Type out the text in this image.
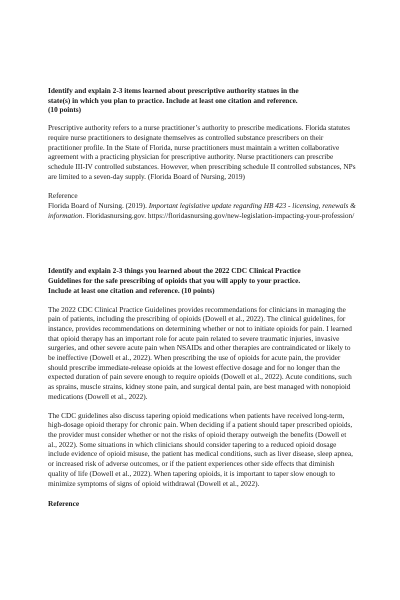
Identify and explain 2-3 items learned about prescriptive authority statues in the
state(s) in which you plan to practice. Include at least one citation and reference.
(10 points)

Prescriptive authority refers to a nurse practitioner’s authority to prescribe medications. Florida statutes require nurse practitioners to designate themselves as controlled substance prescribers on their practitioner profile. In the State of Florida, nurse practitioners must maintain a written collaborative agreement with a practicing physician for prescriptive authority. Nurse practitioners can prescribe schedule III-IV controlled substances. However, when prescribing schedule II controlled substances, NPs are limited to a seven-day supply. (Florida Board of Nursing, 2019)

Reference

Florida Board of Nursing. (2019). Important legislative update regarding HB 423 - licensing, renewals & information. Floridasnursing.gov. https://floridasnursing.gov/new-legislation-impacting-your-profession/

Identify and explain 2-3 things you learned about the 2022 CDC Clinical Practice
Guidelines for the safe prescribing of opioids that you will apply to your practice.
Include at least one citation and reference. (10 points)

The 2022 CDC Clinical Practice Guidelines provides recommendations for clinicians in managing the pain of patients, including the prescribing of opioids (Dowell et al., 2022). The clinical guidelines, for instance, provides recommendations on determining whether or not to initiate opioids for pain. I learned that opioid therapy has an important role for acute pain related to severe traumatic injuries, invasive surgeries, and other severe acute pain when NSAIDs and other therapies are contraindicated or likely to be ineffective (Dowell et al., 2022). When prescribing the use of opioids for acute pain, the provider should prescribe immediate-release opioids at the lowest effective dosage and for no longer than the expected duration of pain severe enough to require opioids (Dowell et al., 2022). Acute conditions, such as sprains, muscle strains, kidney stone pain, and surgical dental pain, are best managed with nonopioid medications (Dowell et al., 2022).

The CDC guidelines also discuss tapering opioid medications when patients have received long-term, high-dosage opioid therapy for chronic pain. When deciding if a patient should taper prescribed opioids, the provider must consider whether or not the risks of opioid therapy outweigh the benefits (Dowell et al., 2022). Some situations in which clinicians should consider tapering to a reduced opioid dosage include evidence of opioid misuse, the patient has medical conditions, such as liver disease, sleep apnea, or increased risk of adverse outcomes, or if the patient experiences other side effects that diminish quality of life (Dowell et al., 2022). When tapering opioids, it is important to taper slow enough to minimize symptoms of signs of opioid withdrawal (Dowell et al., 2022).

Reference
